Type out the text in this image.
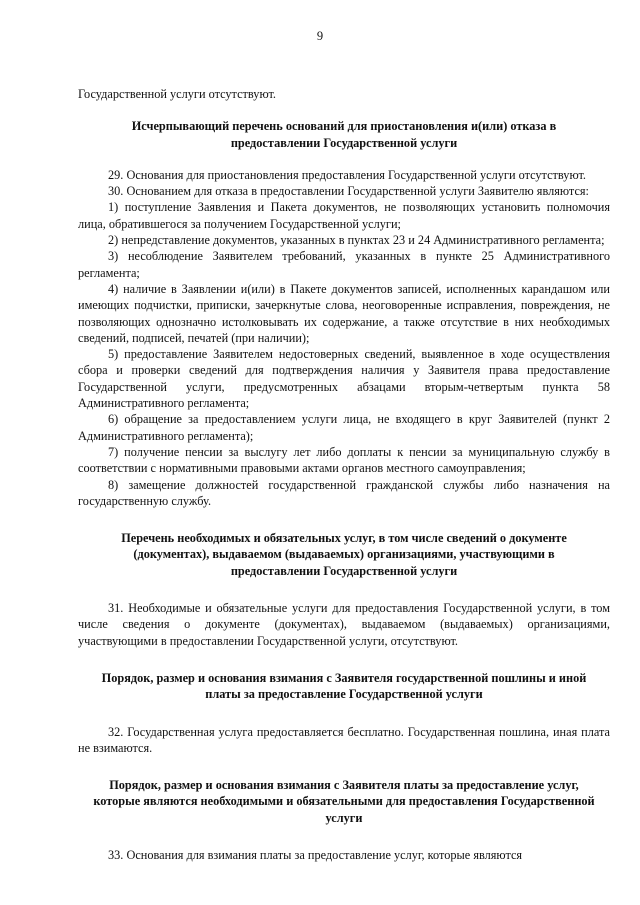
9

Государственной услуги отсутствуют.

Исчерпывающий перечень оснований для приостановления и(или) отказа в предоставлении Государственной услуги

29. Основания для приостановления предоставления Государственной услуги отсутствуют.

30. Основанием для отказа в предоставлении Государственной услуги Заявителю являются:

1) поступление Заявления и Пакета документов, не позволяющих установить полномочия лица, обратившегося за получением Государственной услуги;

2) непредставление документов, указанных в пунктах 23 и 24 Административного регламента;

3) несоблюдение Заявителем требований, указанных в пункте 25 Административного регламента;

4) наличие в Заявлении и(или) в Пакете документов записей, исполненных карандашом или имеющих подчистки, приписки, зачеркнутые слова, неоговоренные исправления, повреждения, не позволяющих однозначно истолковывать их содержание, а также отсутствие в них необходимых сведений, подписей, печатей (при наличии);

5) предоставление Заявителем недостоверных сведений, выявленное в ходе осуществления сбора и проверки сведений для подтверждения наличия у Заявителя права предоставление Государственной услуги, предусмотренных абзацами вторым-четвертым пункта 58 Административного регламента;

6) обращение за предоставлением услуги лица, не входящего в круг Заявителей (пункт 2 Административного регламента);

7) получение пенсии за выслугу лет либо доплаты к пенсии за муниципальную службу в соответствии с нормативными правовыми актами органов местного самоуправления;

8) замещение должностей государственной гражданской службы либо назначения на государственную службу.

Перечень необходимых и обязательных услуг, в том числе сведений о документе (документах), выдаваемом (выдаваемых) организациями, участвующими в предоставлении Государственной услуги

31. Необходимые и обязательные услуги для предоставления Государственной услуги, в том числе сведения о документе (документах), выдаваемом (выдаваемых) организациями, участвующими в предоставлении Государственной услуги, отсутствуют.

Порядок, размер и основания взимания с Заявителя государственной пошлины и иной платы за предоставление Государственной услуги

32. Государственная услуга предоставляется бесплатно. Государственная пошлина, иная плата не взимаются.

Порядок, размер и основания взимания с Заявителя платы за предоставление услуг, которые являются необходимыми и обязательными для предоставления Государственной услуги

33. Основания для взимания платы за предоставление услуг, которые являются
